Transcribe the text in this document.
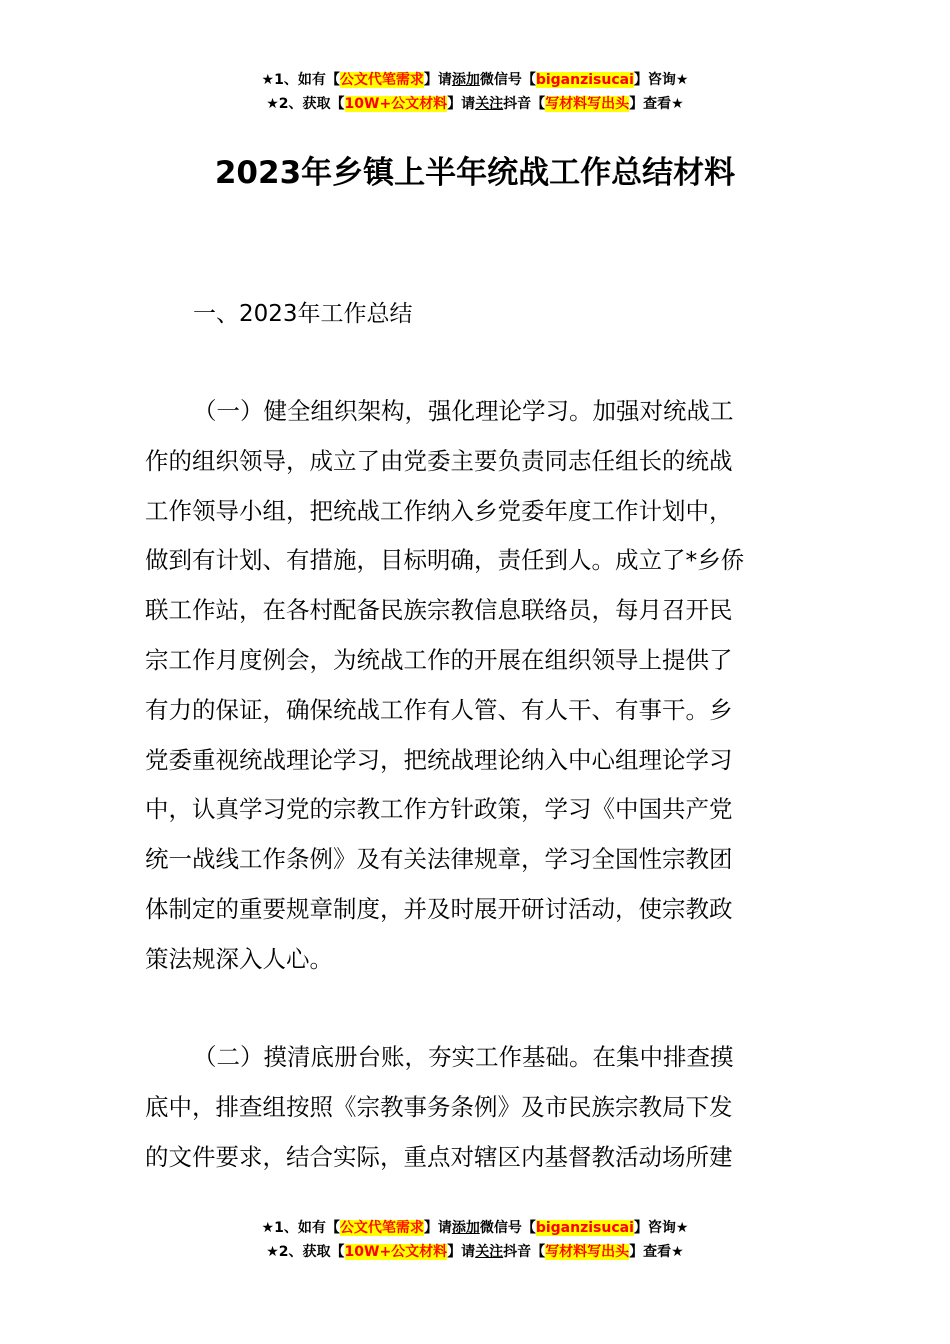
★1、如有【公文代笔需求】请添加微信号【biganzisucai】咨询★
★2、获取【10W+公文材料】请关注抖音【写材料写出头】查看★
2023年乡镇上半年统战工作总结材料
一、2023年工作总结
（一）健全组织架构，强化理论学习。加强对统战工
作的组织领导，成立了由党委主要负责同志任组长的统战
工作领导小组，把统战工作纳入乡党委年度工作计划中，
做到有计划、有措施，目标明确，责任到人。成立了*乡侨
联工作站，在各村配备民族宗教信息联络员，每月召开民
宗工作月度例会，为统战工作的开展在组织领导上提供了
有力的保证，确保统战工作有人管、有人干、有事干。乡
党委重视统战理论学习，把统战理论纳入中心组理论学习
中，认真学习党的宗教工作方针政策，学习《中国共产党
统一战线工作条例》及有关法律规章，学习全国性宗教团
体制定的重要规章制度，并及时展开研讨活动，使宗教政
策法规深入人心。
（二）摸清底册台账，夯实工作基础。在集中排查摸
底中，排查组按照《宗教事务条例》及市民族宗教局下发
的文件要求，结合实际，重点对辖区内基督教活动场所建
★1、如有【公文代笔需求】请添加微信号【biganzisucai】咨询★
★2、获取【10W+公文材料】请关注抖音【写材料写出头】查看★
